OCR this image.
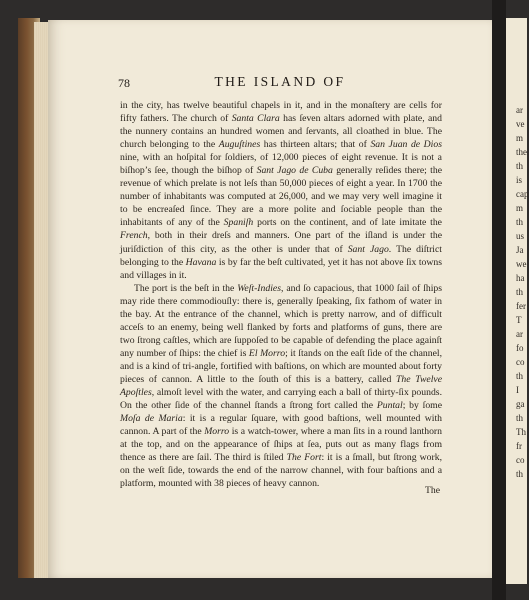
78	THE ISLAND OF

in the city, has twelve beautiful chapels in it, and in the monaſtery are cells for fifty fathers. The church of Santa Clara has ſeven altars adorned with plate, and the nunnery contains an hundred women and ſervants, all cloathed in blue. The church belonging to the Auguſtines has thirteen altars; that of San Juan de Dios nine, with an hoſpital for ſoldiers, of 12,000 pieces of eight revenue. It is not a biſhop’s ſee, though the biſhop of Sant Jago de Cuba generally reſides there; the revenue of which prelate is not leſs than 50,000 pieces of eight a year. In 1700 the number of inhabitants was computed at 26,000, and we may very well imagine it to be encreaſed ſince. They are a more polite and ſociable people than the inhabitants of any of the Spaniſh ports on the continent, and of late imitate the French, both in their dreſs and manners. One part of the iſland is under the juriſdiction of this city, as the other is under that of Sant Jago. The diſtrict belonging to the Havana is by far the beſt cultivated, yet it has not above ſix towns and villages in it.

The port is the beſt in the Weſt-Indies, and ſo capacious, that 1000 ſail of ſhips may ride there commodiouſly: there is, generally ſpeaking, ſix fathom of water in the bay. At the entrance of the channel, which is pretty narrow, and of difficult acceſs to an enemy, being well flanked by forts and platforms of guns, there are two ſtrong caſtles, which are ſuppoſed to be capable of defending the place againſt any number of ſhips: the chief is El Morro; it ſtands on the eaſt ſide of the channel, and is a kind of tri-angle, fortified with baſtions, on which are mounted about forty pieces of cannon. A little to the ſouth of this is a battery, called The Twelve Apoſtles, almoſt level with the water, and carrying each a ball of thirty-ſix pounds. On the other ſide of the channel ſtands a ſtrong fort called the Puntal; by ſome Moſa de Maria: it is a regular ſquare, with good baſtions, well mounted with cannon. A part of the Morro is a watch-tower, where a man ſits in a round lanthorn at the top, and on the appearance of ſhips at ſea, puts out as many flags from thence as there are ſail. The third is ſtiled The Fort: it is a ſmall, but ſtrong work, on the weſt ſide, towards the end of the narrow channel, with four baſtions and a platform, mounted with 38 pieces of heavy cannon.

The
ar
ve
m
the
th
is
cap
m
th
us
Ja
we
ha
th
fer
T
ar
fo
co
th
I
ga
th
Th
fr
co
th
